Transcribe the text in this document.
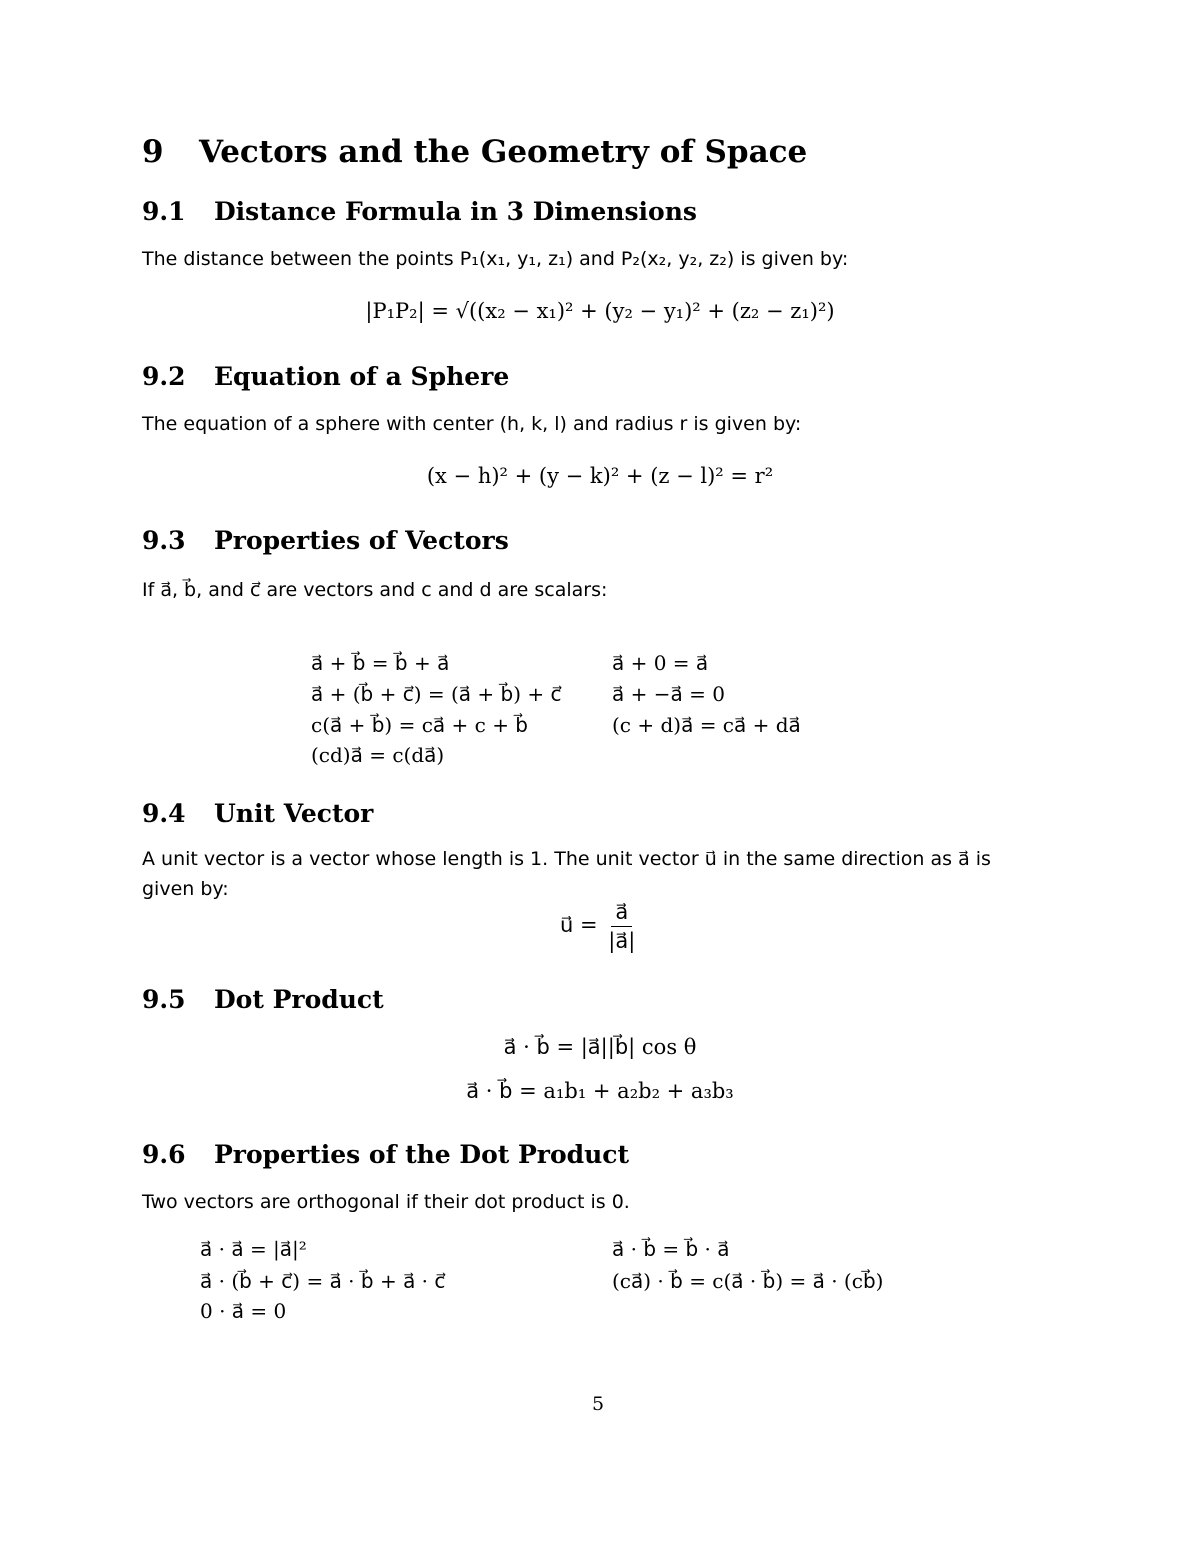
9 Vectors and the Geometry of Space
9.1 Distance Formula in 3 Dimensions
The distance between the points P₁(x₁, y₁, z₁) and P₂(x₂, y₂, z₂) is given by:
|P₁P₂| = √((x₂ − x₁)² + (y₂ − y₁)² + (z₂ − z₁)²)
9.2 Equation of a Sphere
The equation of a sphere with center (h, k, l) and radius r is given by:
(x − h)² + (y − k)² + (z − l)² = r²
9.3 Properties of Vectors
If a⃗, b⃗, and c⃗ are vectors and c and d are scalars:
a⃗ + b⃗ = b⃗ + a⃗
a⃗ + (b⃗ + c⃗) = (a⃗ + b⃗) + c⃗
c(a⃗ + b⃗) = ca⃗ + c + b⃗
(cd)a⃗ = c(da⃗)
a⃗ + 0 = a⃗
a⃗ + −a⃗ = 0
(c + d)a⃗ = ca⃗ + da⃗
9.4 Unit Vector
A unit vector is a vector whose length is 1. The unit vector u⃗ in the same direction as a⃗ is
given by:
u⃗ = $\frac{a⃗}{|a⃗|}$
9.5 Dot Product
a⃗ · b⃗ = |a⃗||b⃗| cos θ
a⃗ · b⃗ = a₁b₁ + a₂b₂ + a₃b₃
9.6 Properties of the Dot Product
Two vectors are orthogonal if their dot product is 0.
a⃗ · a⃗ = |a⃗|²
a⃗ · (b⃗ + c⃗) = a⃗ · b⃗ + a⃗ · c⃗
0 · a⃗ = 0
a⃗ · b⃗ = b⃗ · a⃗
(ca⃗) · b⃗ = c(a⃗ · b⃗) = a⃗ · (cb⃗)
5
